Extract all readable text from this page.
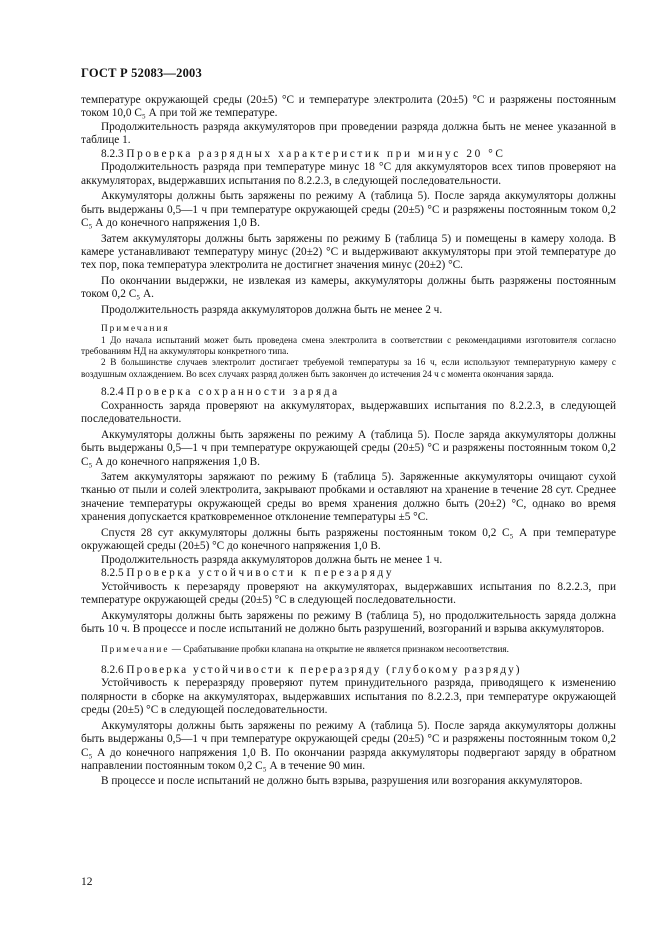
ГОСТ Р 52083—2003

температуре окружающей среды (20±5) °С и температуре электролита (20±5) °С и разряжены постоянным током 10,0 C₅ А при той же температуре.

Продолжительность разряда аккумуляторов при проведении разряда должна быть не менее указанной в таблице 1.

8.2.3 Проверка разрядных характеристик при минус 20 °С

Продолжительность разряда при температуре минус 18 °С для аккумуляторов всех типов проверяют на аккумуляторах, выдержавших испытания по 8.2.2.3, в следующей последовательности.

Аккумуляторы должны быть заряжены по режиму А (таблица 5). После заряда аккумуляторы должны быть выдержаны 0,5—1 ч при температуре окружающей среды (20±5) °С и разряжены постоянным током 0,2 C₅ А до конечного напряжения 1,0 В.

Затем аккумуляторы должны быть заряжены по режиму Б (таблица 5) и помещены в камеру холода. В камере устанавливают температуру минус (20±2) °С и выдерживают аккумуляторы при этой температуре до тех пор, пока температура электролита не достигнет значения минус (20±2) °С.

По окончании выдержки, не извлекая из камеры, аккумуляторы должны быть разряжены постоянным током 0,2 C₅ А.

Продолжительность разряда аккумуляторов должна быть не менее 2 ч.

Примечания

1 До начала испытаний может быть проведена смена электролита в соответствии с рекомендациями изготовителя согласно требованиям НД на аккумуляторы конкретного типа.

2 В большинстве случаев электролит достигает требуемой температуры за 16 ч, если используют температурную камеру с воздушным охлаждением. Во всех случаях разряд должен быть закончен до истечения 24 ч с момента окончания заряда.

8.2.4 Проверка сохранности заряда

Сохранность заряда проверяют на аккумуляторах, выдержавших испытания по 8.2.2.3, в следующей последовательности.

Аккумуляторы должны быть заряжены по режиму А (таблица 5). После заряда аккумуляторы должны быть выдержаны 0,5—1 ч при температуре окружающей среды (20±5) °С и разряжены постоянным током 0,2 C₅ А до конечного напряжения 1,0 В.

Затем аккумуляторы заряжают по режиму Б (таблица 5). Заряженные аккумуляторы очищают сухой тканью от пыли и солей электролита, закрывают пробками и оставляют на хранение в течение 28 сут. Среднее значение температуры окружающей среды во время хранения должно быть (20±2) °С, однако во время хранения допускается кратковременное отклонение температуры ±5 °С.

Спустя 28 сут аккумуляторы должны быть разряжены постоянным током 0,2 C₅ А при температуре окружающей среды (20±5) °С до конечного напряжения 1,0 В.

Продолжительность разряда аккумуляторов должна быть не менее 1 ч.

8.2.5 Проверка устойчивости к перезаряду

Устойчивость к перезаряду проверяют на аккумуляторах, выдержавших испытания по 8.2.2.3, при температуре окружающей среды (20±5) °С в следующей последовательности.

Аккумуляторы должны быть заряжены по режиму В (таблица 5), но продолжительность заряда должна быть 10 ч. В процессе и после испытаний не должно быть разрушений, возгораний и взрыва аккумуляторов.

Примечание — Срабатывание пробки клапана на открытие не является признаком несоответствия.

8.2.6 Проверка устойчивости к переразряду (глубокому разряду)

Устойчивость к переразряду проверяют путем принудительного разряда, приводящего к изменению полярности в сборке на аккумуляторах, выдержавших испытания по 8.2.2.3, при температуре окружающей среды (20±5) °С в следующей последовательности.

Аккумуляторы должны быть заряжены по режиму А (таблица 5). После заряда аккумуляторы должны быть выдержаны 0,5—1 ч при температуре окружающей среды (20±5) °С и разряжены постоянным током 0,2 C₅ А до конечного напряжения 1,0 В. По окончании разряда аккумуляторы подвергают заряду в обратном направлении постоянным током 0,2 C₅ А в течение 90 мин.

В процессе и после испытаний не должно быть взрыва, разрушения или возгорания аккумуляторов.

12
